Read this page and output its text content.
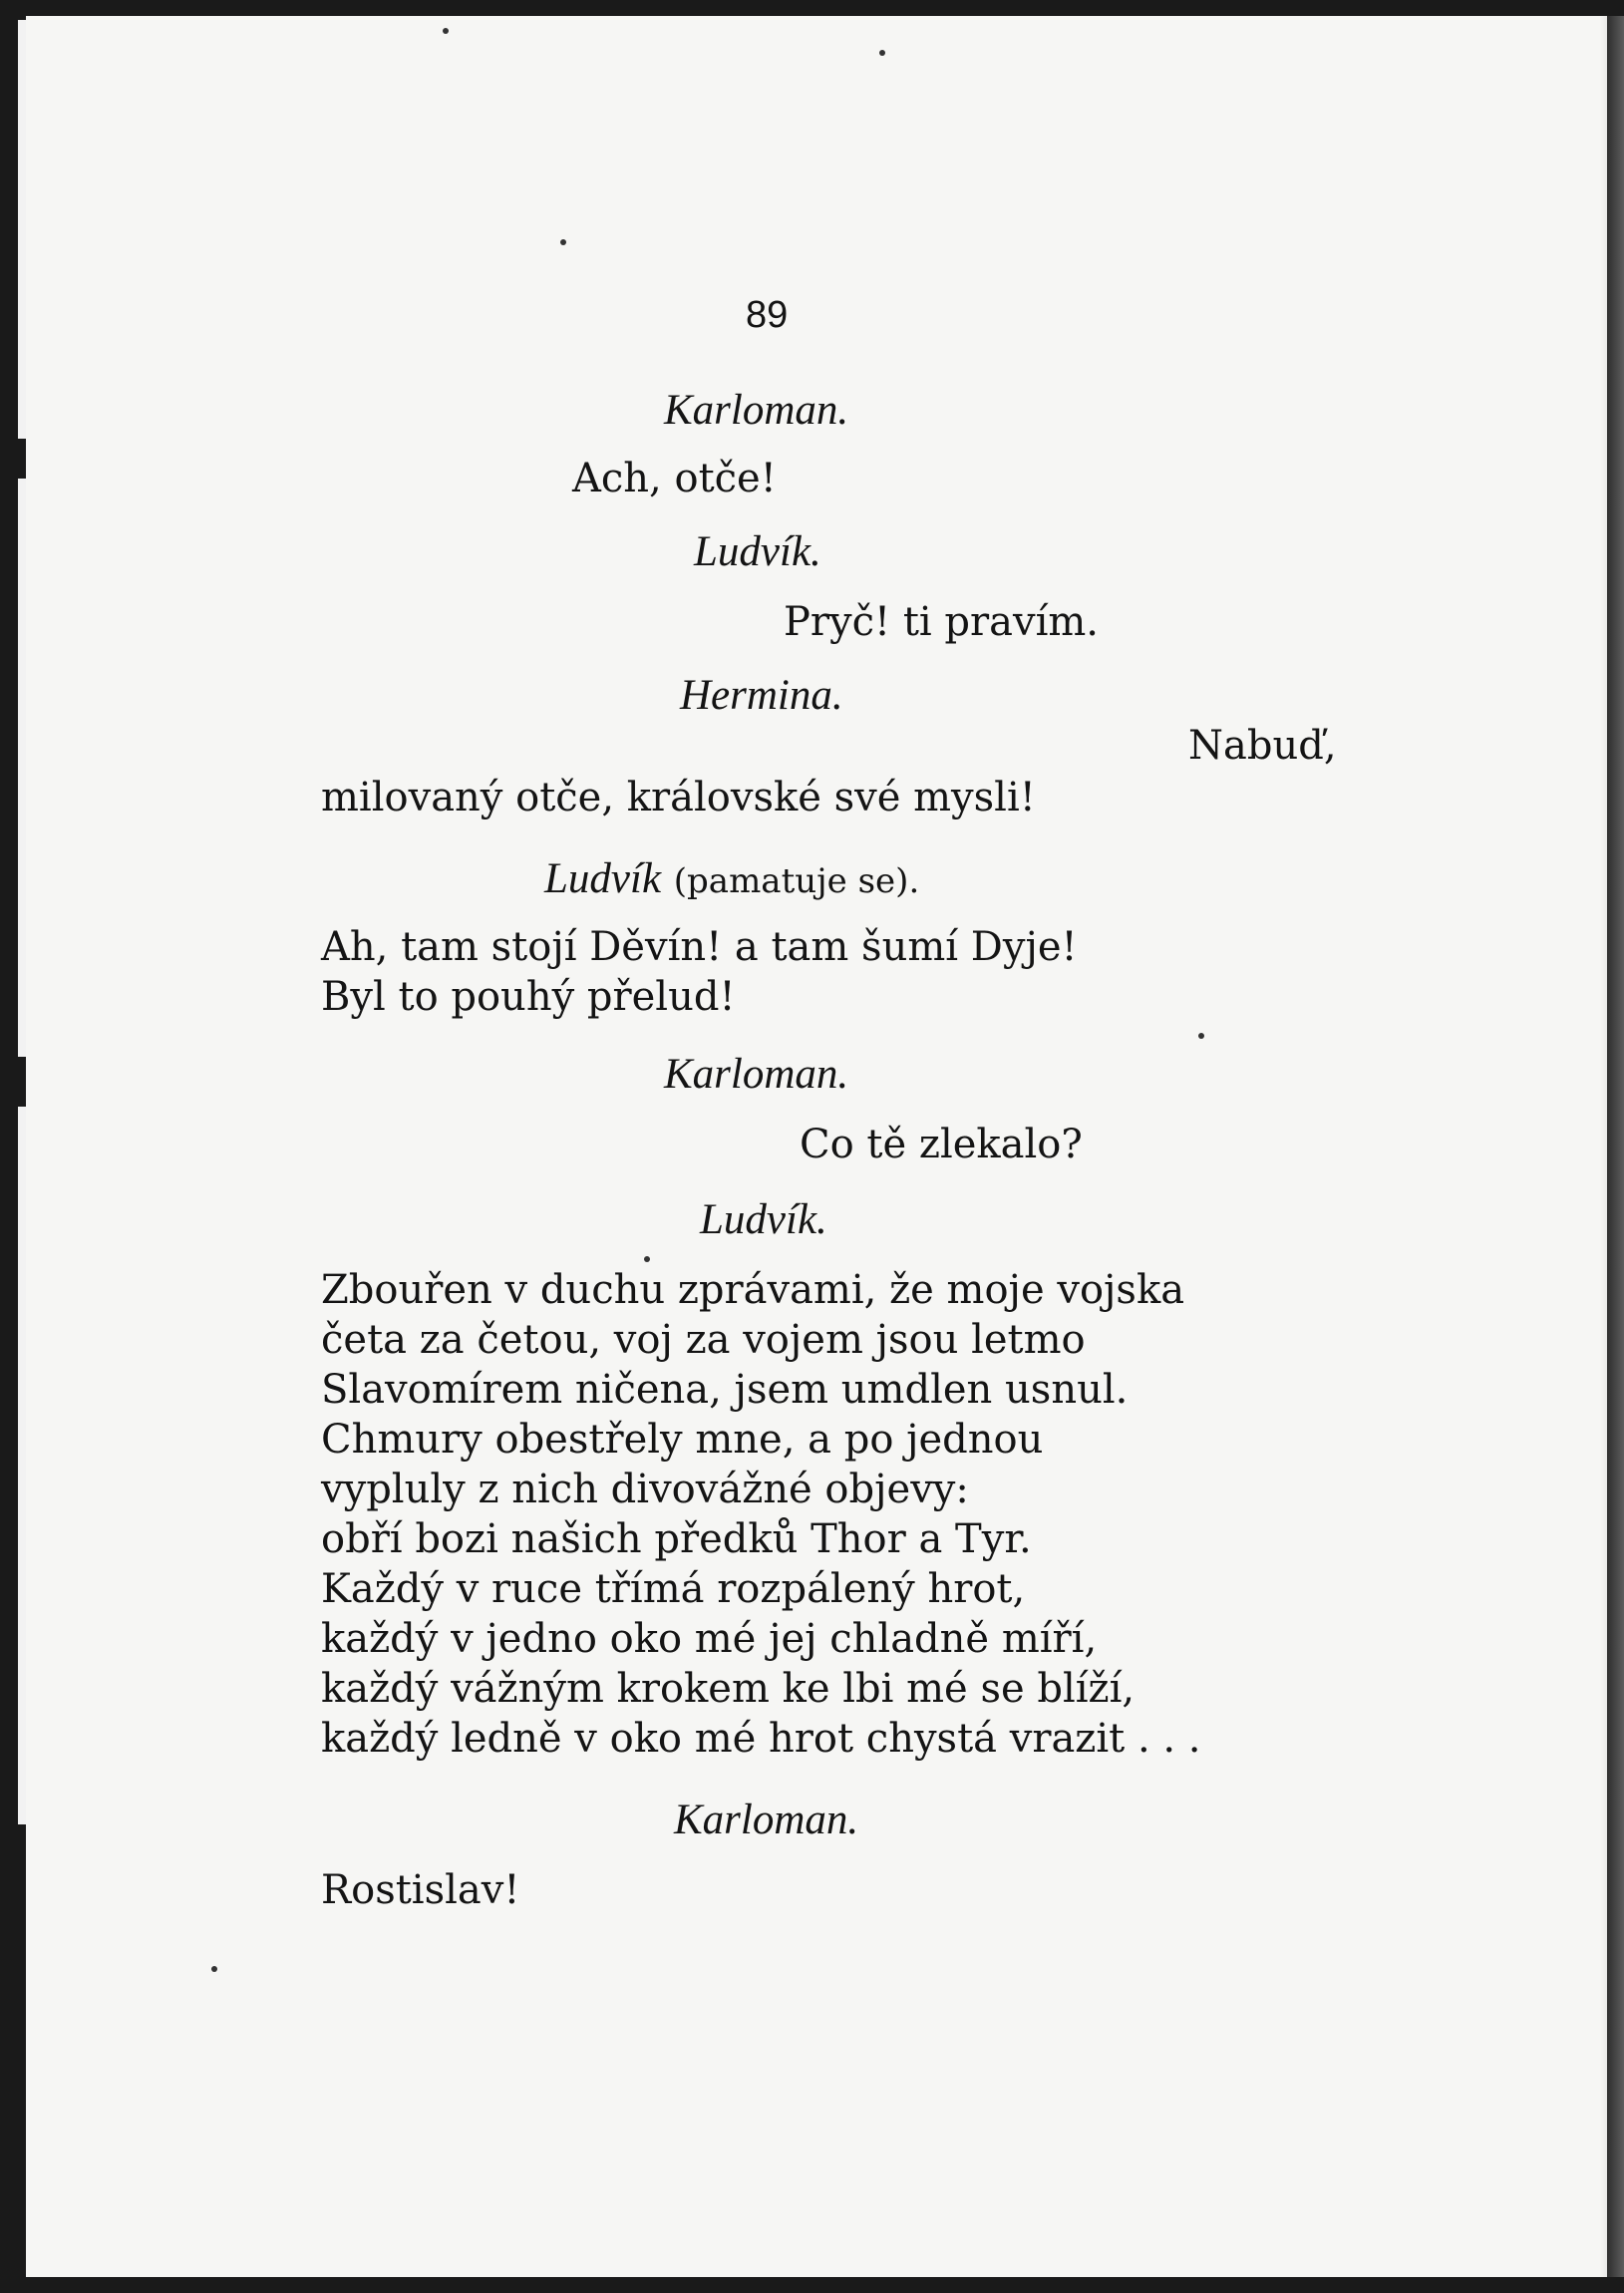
89
Karloman.
Ach, otče!
Ludvík.
Pryč! ti pravím.
Hermina.
Nabuď,
milovaný otče, královské své mysli!
Ludvík (pamatuje se).
Ah, tam stojí Děvín! a tam šumí Dyje!
Byl to pouhý přelud!
Karloman.
Co tě zlekalo?
Ludvík.
Zbouřen v duchu zprávami, že moje vojska
četa za četou, voj za vojem jsou letmo
Slavomírem ničena, jsem umdlen usnul.
Chmury obestřely mne, a po jednou
vypluly z nich divovážné objevy:
obří bozi našich předků Thor a Tyr.
Každý v ruce třímá rozpálený hrot,
každý v jedno oko mé jej chladně míří,
každý vážným krokem ke lbi mé se blíží,
každý ledně v oko mé hrot chystá vrazit . . .
Karloman.
Rostislav!
